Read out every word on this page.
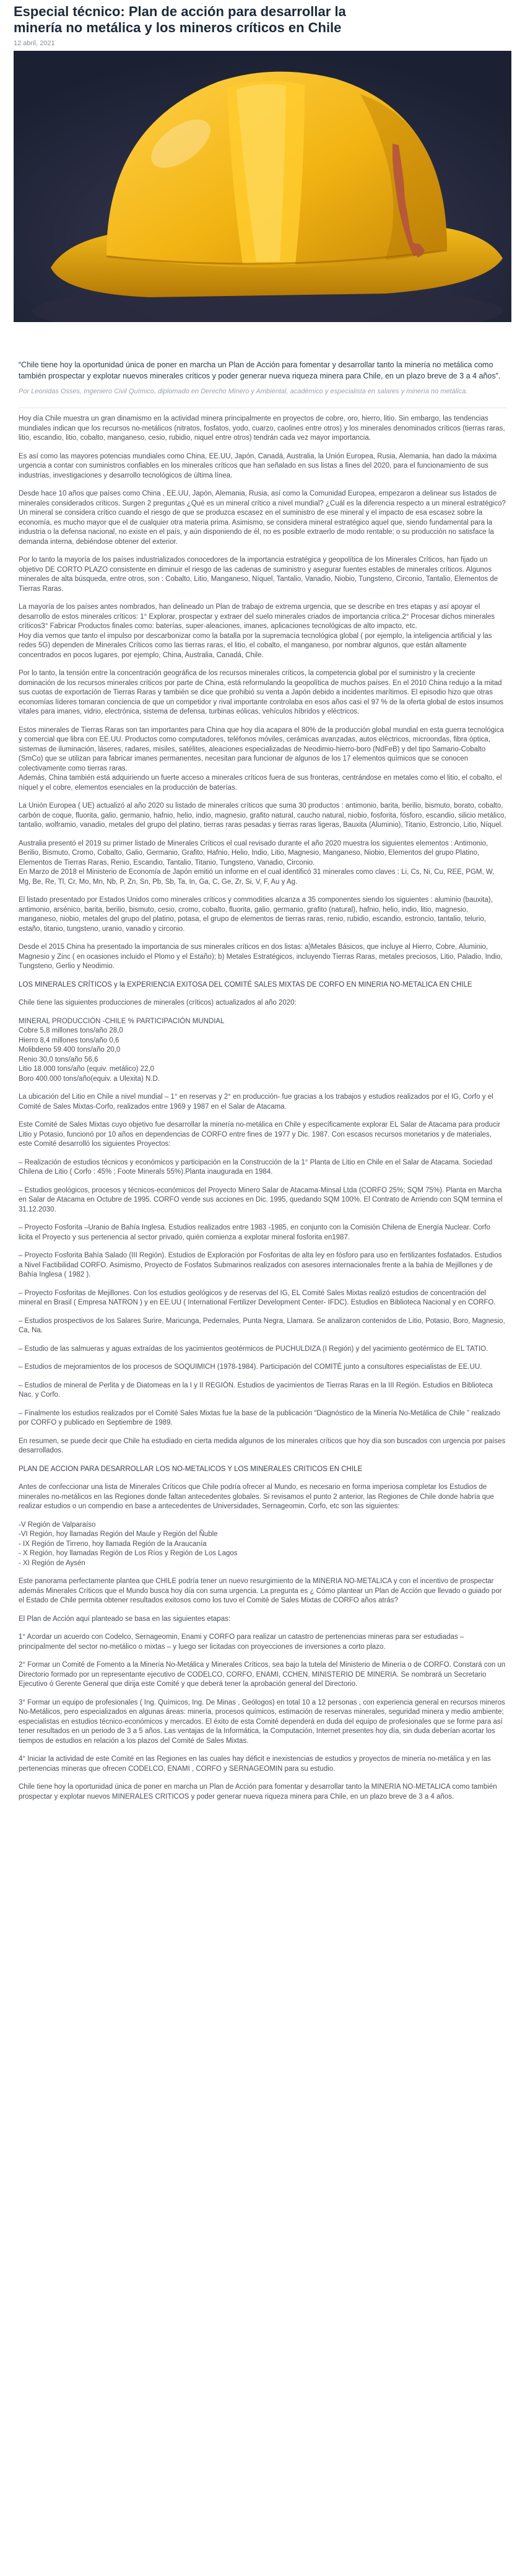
Especial técnico: Plan de acción para desarrollar la minería no metálica y los mineros críticos en Chile
12 abril, 2021

“Chile tiene hoy la oportunidad única de poner en marcha un Plan de Acción para fomentar y desarrollar tanto la minería no metálica como también prospectar y explotar nuevos minerales críticos y poder generar nueva riqueza minera para Chile, en un plazo breve de 3 a 4 años”.

Por Leonidas Osses, Ingeniero Civil Químico, diplomado en Derecho Minero y Ambiental, académico y especialista en salares y minería no metálica.

Hoy día Chile muestra un gran dinamismo en la actividad minera principalmente en proyectos de cobre, oro, hierro, litio. Sin embargo, las tendencias mundiales indican que los recursos no-metálicos (nitratos, fosfatos, yodo, cuarzo, caolines entre otros) y los minerales denominados críticos (tierras raras, litio, escandio, litio, cobalto, manganeso, cesio, rubidio, niquel entre otros) tendrán cada vez mayor importancia.

Es así como las mayores potencias mundiales como China, EE.UU, Japón, Canadá, Australia, la Unión Europea, Rusia, Alemania, han dado la máxima urgencia a contar con suministros confiables en los minerales críticos que han señalado en sus listas a fines del 2020, para el funcionamiento de sus industrias, investigaciones y desarrollo tecnológicos de última línea.

Desde hace 10 años que países como China , EE.UU, Japón, Alemania, Rusia, así como la Comunidad Europea, empezaron a delinear sus listados de minerales considerados críticos. Surgen 2 preguntas ¿Qué es un mineral crítico a nivel mundial? ¿Cuál es la diferencia respecto a un mineral estratégico? Un mineral se considera crítico cuando el riesgo de que se produzca escasez en el suministro de ese mineral y el impacto de esa escasez sobre la economía, es mucho mayor que el de cualquier otra materia prima. Asimismo, se considera mineral estratégico aquel que, siendo fundamental para la industria o la defensa nacional, no existe en el país, y aún disponiendo de él, no es posible extraerlo de modo rentable; o su producción no satisface la demanda interna, debiéndose obtener del exterior.

Por lo tanto la mayoría de los países industrializados conocedores de la importancia estratégica y geopolítica de los Minerales Críticos, han fijado un objetivo DE CORTO PLAZO consistente en diminuir el riesgo de las cadenas de suministro y asegurar fuentes estables de minerales críticos. Algunos minerales de alta búsqueda, entre otros, son : Cobalto, Litio, Manganeso, Níquel, Tantalio, Vanadio, Niobio, Tungsteno, Circonio, Tantalio, Elementos de Tierras Raras.

La mayoría de los países antes nombrados, han delineado un Plan de trabajo de extrema urgencia, que se describe en tres etapas y así apoyar el desarrollo de estos minerales críticos: 1° Explorar, prospectar y extraer del suelo minerales criados de importancia crítica.2° Procesar dichos minerales críticos3° Fabricar Productos finales como: baterías, super-aleaciones, imanes, aplicaciones tecnológicas de alto impacto, etc.
Hoy día vemos que tanto el impulso por descarbonizar como la batalla por la supremacía tecnológica global ( por ejemplo, la inteligencia artificial y las redes 5G) dependen de Minerales Críticos como las tierras raras, el litio, el cobalto, el manganeso, por nombrar algunos, que están altamente concentrados en pocos lugares, por ejemplo, China, Australia, Canadá, Chile.

Por lo tanto, la tensión entre la concentración geográfica de los recursos minerales críticos, la competencia global por el suministro y la creciente dominación de los recursos minerales críticos por parte de China, está reformulando la geopolítica de muchos países. En el 2010 China redujo a la mitad sus cuotas de exportación de Tierras Raras y también se dice que prohibió su venta a Japón debido a incidentes marítimos. El episodio hizo que otras economías líderes tomaran conciencia de que un competidor y rival importante controlaba en esos años casi el 97 % de la oferta global de estos insumos vitales para imanes, vidrio, electrónica, sistema de defensa, turbinas eólicas, vehículos híbridos y eléctricos.

Estos minerales de Tierras Raras son tan importantes para China que hoy día acapara el 80% de la producción global mundial en esta guerra tecnológica y comercial que libra con EE.UU. Productos como computadores, teléfonos móviles, cerámicas avanzadas, autos eléctricos, microondas, fibra óptica, sistemas de iluminación, láseres, radares, misiles, satélites, aleaciones especializadas de Neodimio-hierro-boro (NdFeB) y del tipo Samario-Cobalto (SmCo) que se utilizan para fabricar imanes permanentes, necesitan para funcionar de algunos de los 17 elementos químicos que se conocen colectivamente como tierras raras.
Además, China también está adquiriendo un fuerte acceso a minerales críticos fuera de sus fronteras, centrándose en metales como el litio, el cobalto, el níquel y el cobre, elementos esenciales en la producción de baterías.

La Unión Europea ( UE) actualizó al año 2020 su listado de minerales críticos que suma 30 productos : antimonio, barita, berilio, bismuto, borato, cobalto, carbón de coque, fluorita, galio, germanio, hafnio, helio, indio, magnesio, grafito natural, caucho natural, niobio, fosforita, fósforo, escandio, silicio metálico, tantalio, wolframio, vanadio, metales del grupo del platino, tierras raras pesadas y tierras raras ligeras, Bauxita (Aluminio), Titanio, Estroncio, Litio, Níquel.

Australia presentó el 2019 su primer listado de Minerales Críticos el cual revisado durante el año 2020 muestra los siguientes elementos : Antimonio, Berilio, Bismuto, Cromo, Cobalto, Galio, Germanio, Grafito, Hafnio, Helio, Indio, Litio, Magnesio, Manganeso, Niobio, Elementos del grupo Platino, Elementos de Tierras Raras, Renio, Escandio, Tantalio, Titanio, Tungsteno, Vanadio, Circonio.
En Marzo de 2018 el Ministerio de Economía de Japón emitió un informe en el cual identificó 31 minerales como claves : Li, Cs, Ni, Cu, REE, PGM, W, Mg, Be, Re, Tl, Cr, Mo, Mn, Nb, P, Zn, Sn, Pb, Sb, Ta, In, Ga, C, Ge, Zr, Si, V, F, Au y Ag.

El listado presentado por Estados Unidos como minerales críticos y commodities alcanza a 35 componentes siendo los siguientes : aluminio (bauxita), antimonio, arsénico, barita, berilio, bismuto, cesio, cromo, cobalto, fluorita, galio, germanio, grafito (natural), hafnio, helio, indio, litio, magnesio, manganeso, niobio, metales del grupo del platino, potasa, el grupo de elementos de tierras raras, renio, rubidio, escandio, estroncio, tantalio, telurio, estaño, titanio, tungsteno, uranio, vanadio y circonio.

Desde el 2015 China ha presentado la importancia de sus minerales críticos en dos listas: a)Metales Básicos, que incluye al Hierro, Cobre, Aluminio, Magnesio y Zinc ( en ocasiones incluido el Plomo y el Estaño); b) Metales Estratégicos, incluyendo Tierras Raras, metales preciosos, Litio, Paladio, Indio, Tungsteno, Gerlio y Neodimio.

LOS MINERALES CRÍTICOS y la EXPERIENCIA EXITOSA DEL COMITÉ SALES MIXTAS DE CORFO EN MINERIA NO-METALICA EN CHILE

Chile tiene las siguientes producciones de minerales (críticos) actualizados al año 2020:

MINERAL PRODUCCIÓN -CHILE % PARTICIPACIÓN MUNDIAL
Cobre 5,8 millones tons/año 28,0
Hierro 8,4 millones tons/año 0,6
Molibdeno 59.400 tons/año 20,0
Renio 30,0 tons/año 56,6
Litio 18.000 tons/año (equiv. metálico) 22,0
Boro 400.000 tons/año(equiv. a Ulexita) N.D.

La ubicación del Litio en Chile a nivel mundial – 1° en reservas y 2° en producción- fue gracias a los trabajos y estudios realizados por el IG, Corfo y el Comité de Sales Mixtas-Corfo, realizados entre 1969 y 1987 en el Salar de Atacama.

Este Comité de Sales Mixtas cuyo objetivo fue desarrollar la minería no-metálica en Chile y específicamente explorar EL Salar de Atacama para producir Litio y Potasio, funcionó por 10 años en dependencias de CORFO entre fines de 1977 y Dic. 1987. Con escasos recursos monetarios y de materiales, este Comité desarrolló los siguientes Proyectos:

– Realización de estudios técnicos y económicos y participación en la Construcción de la 1° Planta de Litio en Chile en el Salar de Atacama. Sociedad Chilena de Litio ( Corfo : 45% ; Foote Minerals 55%).Planta inaugurada en 1984.

– Estudios geológicos, procesos y técnicos-económicos del Proyecto Minero Salar de Atacama-Minsal Ltda (CORFO 25%; SQM 75%). Planta en Marcha en Salar de Atacama en Octubre de 1995. CORFO vende sus acciones en Dic. 1995, quedando SQM 100%. El Contrato de Arriendo con SQM termina el 31.12.2030.

– Proyecto Fosforita –Uranio de Bahía Inglesa. Estudios realizados entre 1983 -1985, en conjunto con la Comisión Chilena de Energía Nuclear. Corfo licita el Proyecto y sus pertenencia al sector privado, quién comienza a explotar mineral fosforita en1987.

– Proyecto Fosforita Bahía Salado (III Región). Estudios de Exploración por Fosforitas de alta ley en fósforo para uso en fertilizantes fosfatados. Estudios a Nivel Factibilidad CORFO. Asimismo, Proyecto de Fosfatos Submarinos realizados con asesores internacionales frente a la bahía de Mejillones y de Bahía Inglesa ( 1982 ).

– Proyecto Fosforitas de Mejillones. Con los estudios geológicos y de reservas del IG, EL Comité Sales Mixtas realizó estudios de concentración del mineral en Brasil ( Empresa NATRON ) y en EE.UU ( International Fertilizer Development Center- IFDC). Estudios en Biblioteca Nacional y en CORFO.

– Estudios prospectivos de los Salares Surire, Maricunga, Pedernales, Punta Negra, Llamara. Se analizaron contenidos de Litio, Potasio, Boro, Magnesio, Ca, Na.

– Estudio de las salmueras y aguas extraídas de los yacimientos geotérmicos de PUCHULDIZA (I Región) y del yacimiento geotérmico de EL TATIO.

– Estudios de mejoramientos de los procesos de SOQUIMICH (1978-1984). Participación del COMITÉ junto a consultores especialistas de EE.UU.

– Estudios de mineral de Perlita y de Diatomeas en la I y II REGIÓN. Estudios de yacimientos de Tierras Raras en la III Región. Estudios en Biblioteca Nac. y Corfo.

– Finalmente los estudios realizados por el Comité Sales Mixtas fue la base de la publicación “Diagnóstico de la Minería No-Metálica de Chile ” realizado por CORFO y publicado en Septiembre de 1989.

En resumen, se puede decir que Chile ha estudiado en cierta medida algunos de los minerales críticos que hoy día son buscados con urgencia por países desarrollados.

PLAN DE ACCION PARA DESARROLLAR LOS NO-METALICOS Y LOS MINERALES CRITICOS EN CHILE

Antes de confeccionar una lista de Minerales Críticos que Chile podría ofrecer al Mundo, es necesario en forma imperiosa completar los Estudios de minerales no-metálicos en las Regiones donde faltan antecedentes globales. Si revisamos el punto 2 anterior, las Regiones de Chile donde habría que realizar estudios o un compendio en base a antecedentes de Universidades, Sernageomin, Corfo, etc son las siguientes:

-V Región de Valparaíso
-VI Región, hoy llamadas Región del Maule y Región del Ñuble
- IX Región de Tirreno, hoy llamada Región de la Araucanía
- X Región, hoy llamadas Región de Los Ríos y Región de Los Lagos
- XI Región de Aysén

Este panorama perfectamente plantea que CHILE podría tener un nuevo resurgimiento de la MINERIA NO-METALICA y con el incentivo de prospectar además Minerales Críticos que el Mundo busca hoy día con suma urgencia. La pregunta es ¿ Cómo plantear un Plan de Acción que llevado o guiado por el Estado de Chile permita obtener resultados exitosos como los tuvo el Comité de Sales Mixtas de CORFO años atrás?

El Plan de Acción aquí planteado se basa en las siguientes etapas:

1° Acordar un acuerdo con Codelco, Sernageomin, Enami y CORFO para realizar un catastro de pertenencias mineras para ser estudiadas – principalmente del sector no-metálico o mixtas – y luego ser licitadas con proyecciones de inversiones a corto plazo.

2° Formar un Comité de Fomento a la Minería No-Metálica y Minerales Críticos, sea bajo la tutela del Ministerio de Minería o de CORFO. Constará con un Directorio formado por un representante ejecutivo de CODELCO, CORFO, ENAMI, CCHEN, MINISTERIO DE MINERIA. Se nombrará un Secretario Ejecutivo ó Gerente General que dirija este Comité y que deberá tener la aprobación general del Directorio.

3° Formar un equipo de profesionales ( Ing. Químicos, Ing. De Minas , Geólogos) en total 10 a 12 personas , con experiencia general en recursos mineros No-Metálicos, pero especializados en algunas áreas: minería, procesos químicos, estimación de reservas minerales, seguridad minera y medio ambiente; especialistas en estudios técnico-económicos y mercados. El éxito de esta Comité dependerá en duda del equipo de profesionales que se forme para así tener resultados en un periodo de 3 a 5 años. Las ventajas de la Informática, la Computación, Internet presentes hoy día, sin duda deberían acortar los tiempos de estudios en relación a los plazos del Comité de Sales Mixtas.

4° Iniciar la actividad de este Comité en las Regiones en las cuales hay déficit e inexistencias de estudios y proyectos de minería no-metálica y en las pertenencias mineras que ofrecen CODELCO, ENAMI , CORFO y SERNAGEOMIN para su estudio.

Chile tiene hoy la oportunidad única de poner en marcha un Plan de Acción para fomentar y desarrollar tanto la MINERIA NO-METALICA como también prospectar y explotar nuevos MINERALES CRITICOS y poder generar nueva riqueza minera para Chile, en un plazo breve de 3 a 4 años.
